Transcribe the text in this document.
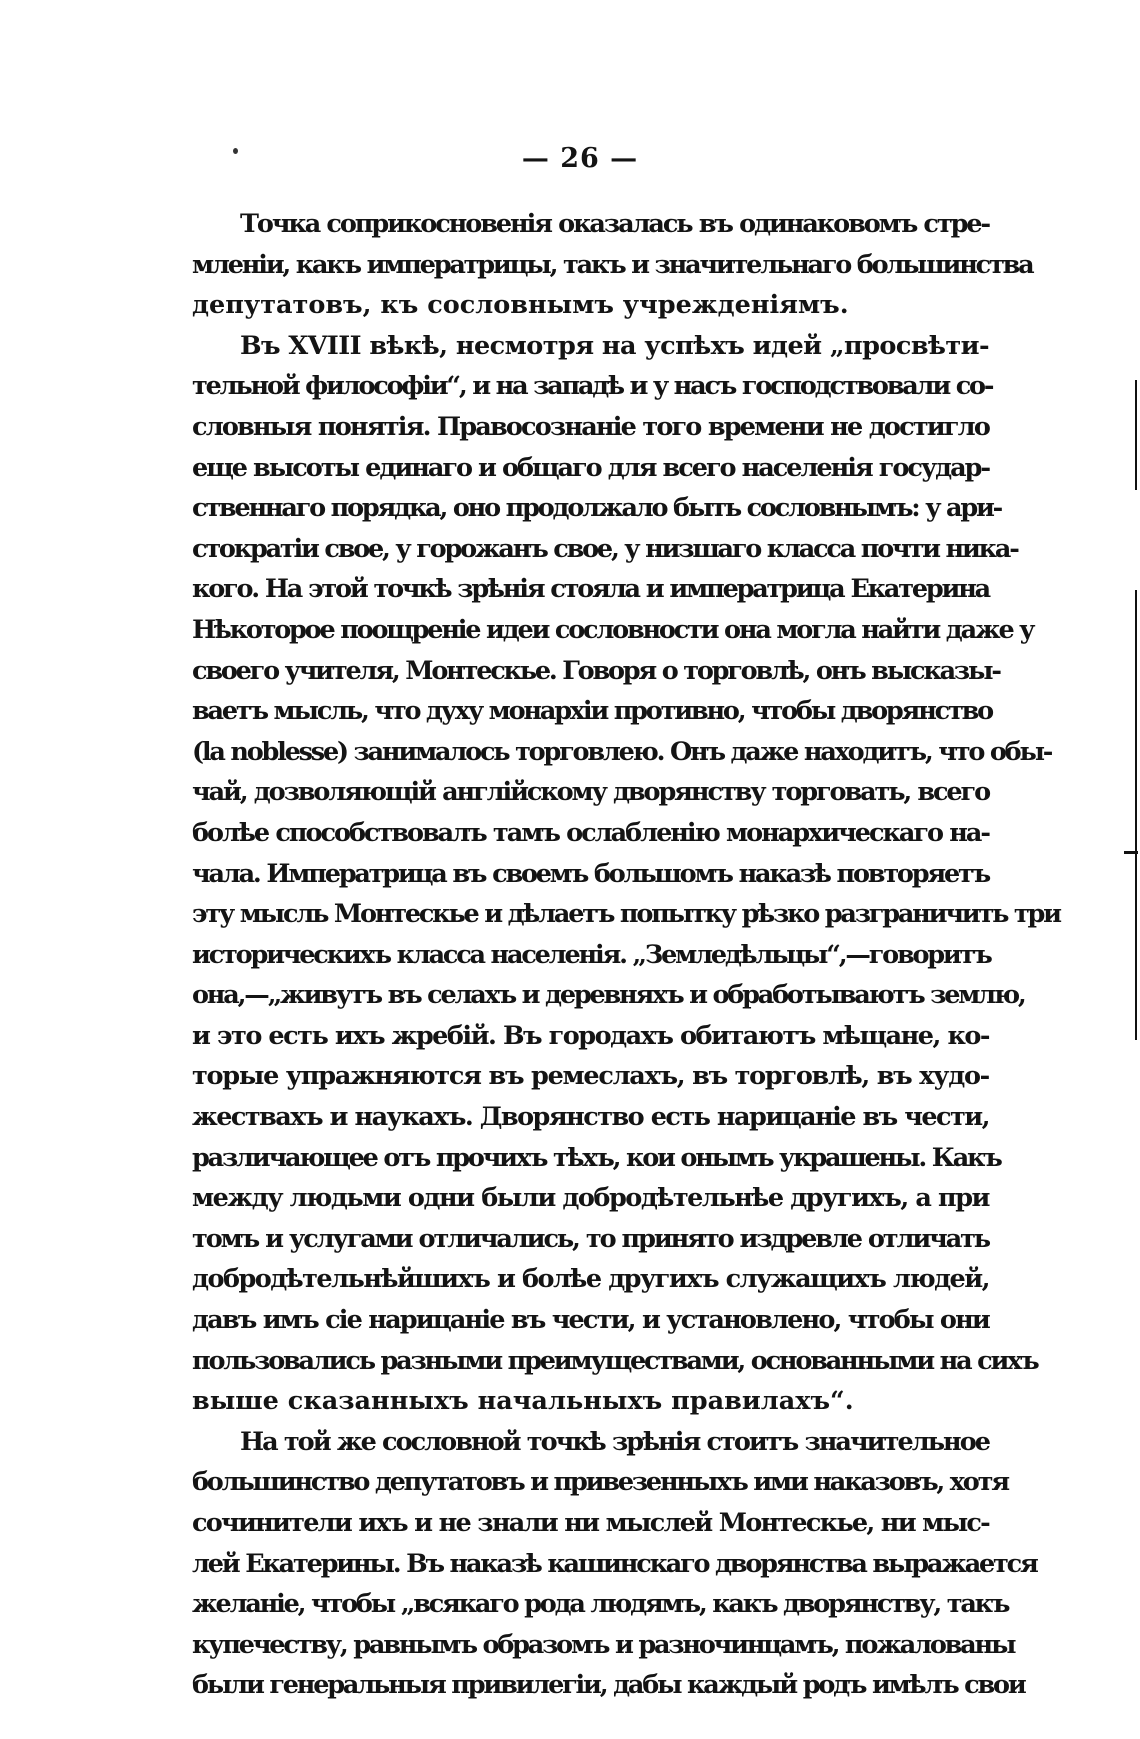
— 26 —
Точка соприкосновенія оказалась въ одинаковомъ стре-
мленіи, какъ императрицы, такъ и значительнаго большинства
депутатовъ, къ сословнымъ учрежденіямъ.
Въ XVIII вѣкѣ, несмотря на успѣхъ идей „просвѣти-
тельной философіи“, и на западѣ и у насъ господствовали со-
словныя понятія. Правосознаніе того времени не достигло
еще высоты единаго и общаго для всего населенія государ-
ственнаго порядка, оно продолжало быть сословнымъ: у ари-
стократіи свое, у горожанъ свое, у низшаго класса почти ника-
кого. На этой точкѣ зрѣнія стояла и императрица Екатерина
Нѣкоторое поощреніе идеи сословности она могла найти даже у
своего учителя, Монтескье. Говоря о торговлѣ, онъ высказы-
ваетъ мысль, что духу монархіи противно, чтобы дворянство
(la noblesse) занималось торговлею. Онъ даже находитъ, что обы-
чай, дозволяющій англійскому дворянству торговать, всего
болѣе способствовалъ тамъ ослабленію монархическаго на-
чала. Императрица въ своемъ большомъ наказѣ повторяетъ
эту мысль Монтескье и дѣлаетъ попытку рѣзко разграничить три
историческихъ класса населенія. „Земледѣльцы“,—говоритъ
она,—„живутъ въ селахъ и деревняхъ и обработываютъ землю,
и это есть ихъ жребій. Въ городахъ обитаютъ мѣщане, ко-
торые упражняются въ ремеслахъ, въ торговлѣ, въ худо-
жествахъ и наукахъ. Дворянство есть нарицаніе въ чести,
различающее отъ прочихъ тѣхъ, кои онымъ украшены. Какъ
между людьми одни были добродѣтельнѣе другихъ, а при
томъ и услугами отличались, то принято издревле отличать
добродѣтельнѣйшихъ и болѣе другихъ служащихъ людей,
давъ имъ сіе нарицаніе въ чести, и установлено, чтобы они
пользовались разными преимуществами, основанными на сихъ
выше сказанныхъ начальныхъ правилахъ“.
На той же сословной точкѣ зрѣнія стоитъ значительное
большинство депутатовъ и привезенныхъ ими наказовъ, хотя
сочинители ихъ и не знали ни мыслей Монтескье, ни мыс-
лей Екатерины. Въ наказѣ кашинскаго дворянства выражается
желаніе, чтобы „всякаго рода людямъ, какъ дворянству, такъ
купечеству, равнымъ образомъ и разночинцамъ, пожалованы
были генеральныя привилегіи, дабы каждый родъ имѣлъ свои
